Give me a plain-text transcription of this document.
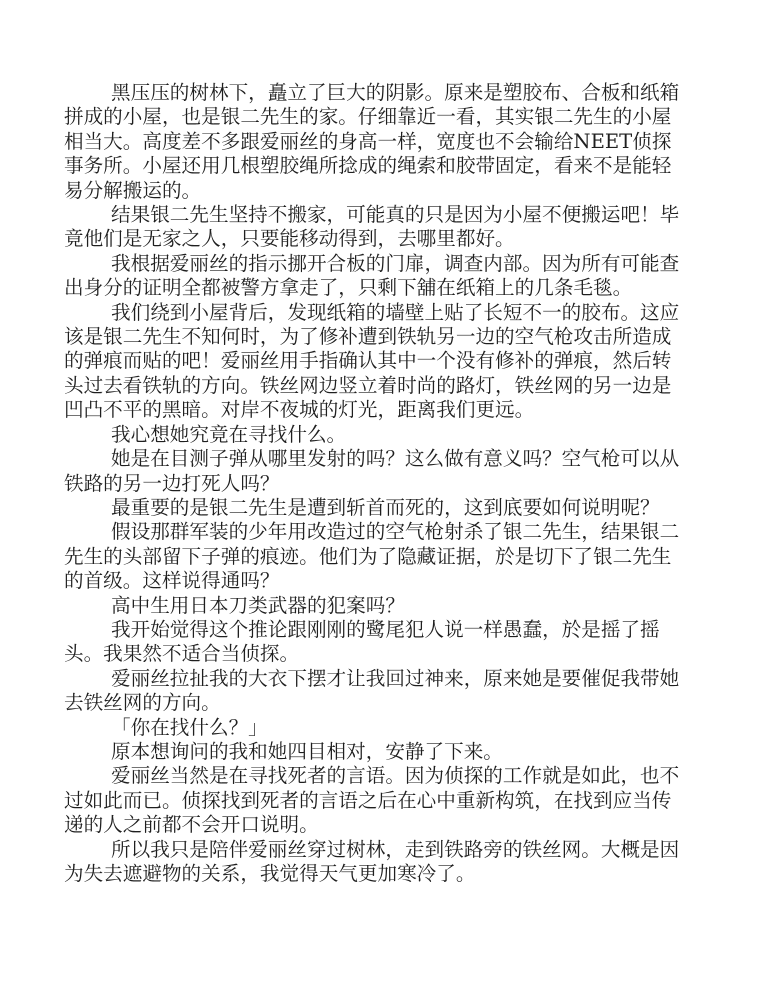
黑压压的树林下，矗立了巨大的阴影。原来是塑胶布、合板和纸箱拼成的小屋，也是银二先生的家。仔细靠近一看，其实银二先生的小屋相当大。高度差不多跟爱丽丝的身高一样，宽度也不会输给NEET侦探事务所。小屋还用几根塑胶绳所捻成的绳索和胶带固定，看来不是能轻易分解搬运的。

结果银二先生坚持不搬家，可能真的只是因为小屋不便搬运吧！毕竟他们是无家之人，只要能移动得到，去哪里都好。

我根据爱丽丝的指示挪开合板的门扉，调查内部。因为所有可能查出身分的证明全都被警方拿走了，只剩下舖在纸箱上的几条毛毯。

我们绕到小屋背后，发现纸箱的墙壁上贴了长短不一的胶布。这应该是银二先生不知何时，为了修补遭到铁轨另一边的空气枪攻击所造成的弹痕而贴的吧！爱丽丝用手指确认其中一个没有修补的弹痕，然后转头过去看铁轨的方向。铁丝网边竖立着时尚的路灯，铁丝网的另一边是凹凸不平的黑暗。对岸不夜城的灯光，距离我们更远。

我心想她究竟在寻找什么。

她是在目测子弹从哪里发射的吗？这么做有意义吗？空气枪可以从铁路的另一边打死人吗？

最重要的是银二先生是遭到斩首而死的，这到底要如何说明呢？

假设那群军装的少年用改造过的空气枪射杀了银二先生，结果银二先生的头部留下子弹的痕迹。他们为了隐藏证据，於是切下了银二先生的首级。这样说得通吗？

高中生用日本刀类武器的犯案吗？

我开始觉得这个推论跟刚刚的鹭尾犯人说一样愚蠢，於是摇了摇头。我果然不适合当侦探。

爱丽丝拉扯我的大衣下摆才让我回过神来，原来她是要催促我带她去铁丝网的方向。

「你在找什么？」

原本想询问的我和她四目相对，安静了下来。

爱丽丝当然是在寻找死者的言语。因为侦探的工作就是如此，也不过如此而已。侦探找到死者的言语之后在心中重新构筑，在找到应当传递的人之前都不会开口说明。

所以我只是陪伴爱丽丝穿过树林，走到铁路旁的铁丝网。大概是因为失去遮避物的关系，我觉得天气更加寒冷了。
